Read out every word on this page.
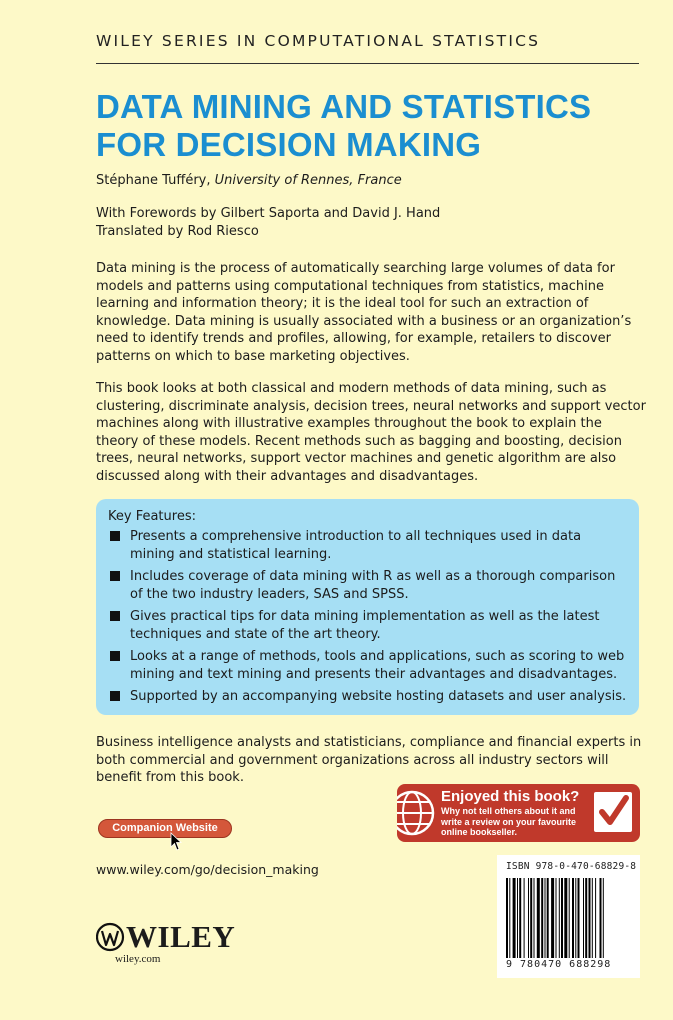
WILEY SERIES IN COMPUTATIONAL STATISTICS
DATA MINING AND STATISTICS
FOR DECISION MAKING
Stéphane Tufféry, University of Rennes, France
With Forewords by Gilbert Saporta and David J. Hand
Translated by Rod Riesco

Data mining is the process of automatically searching large volumes of data for models and patterns using computational techniques from statistics, machine learning and information theory; it is the ideal tool for such an extraction of knowledge. Data mining is usually associated with a business or an organization’s need to identify trends and profiles, allowing, for example, retailers to discover patterns on which to base marketing objectives.

This book looks at both classical and modern methods of data mining, such as clustering, discriminate analysis, decision trees, neural networks and support vector machines along with illustrative examples throughout the book to explain the theory of these models. Recent methods such as bagging and boosting, decision trees, neural networks, support vector machines and genetic algorithm are also discussed along with their advantages and disadvantages.

Key Features:
Presents a comprehensive introduction to all techniques used in data mining and statistical learning.
Includes coverage of data mining with R as well as a thorough comparison of the two industry leaders, SAS and SPSS.
Gives practical tips for data mining implementation as well as the latest techniques and state of the art theory.
Looks at a range of methods, tools and applications, such as scoring to web mining and text mining and presents their advantages and disadvantages.
Supported by an accompanying website hosting datasets and user analysis.

Business intelligence analysts and statisticians, compliance and financial experts in both commercial and government organizations across all industry sectors will benefit from this book.

Enjoyed this book?
Why not tell others about it and write a review on your favourite online bookseller.
Companion Website
www.wiley.com/go/decision_making	ISBN 978-0-470-68829-8
9 780470 688298
WILEY
wiley.com
